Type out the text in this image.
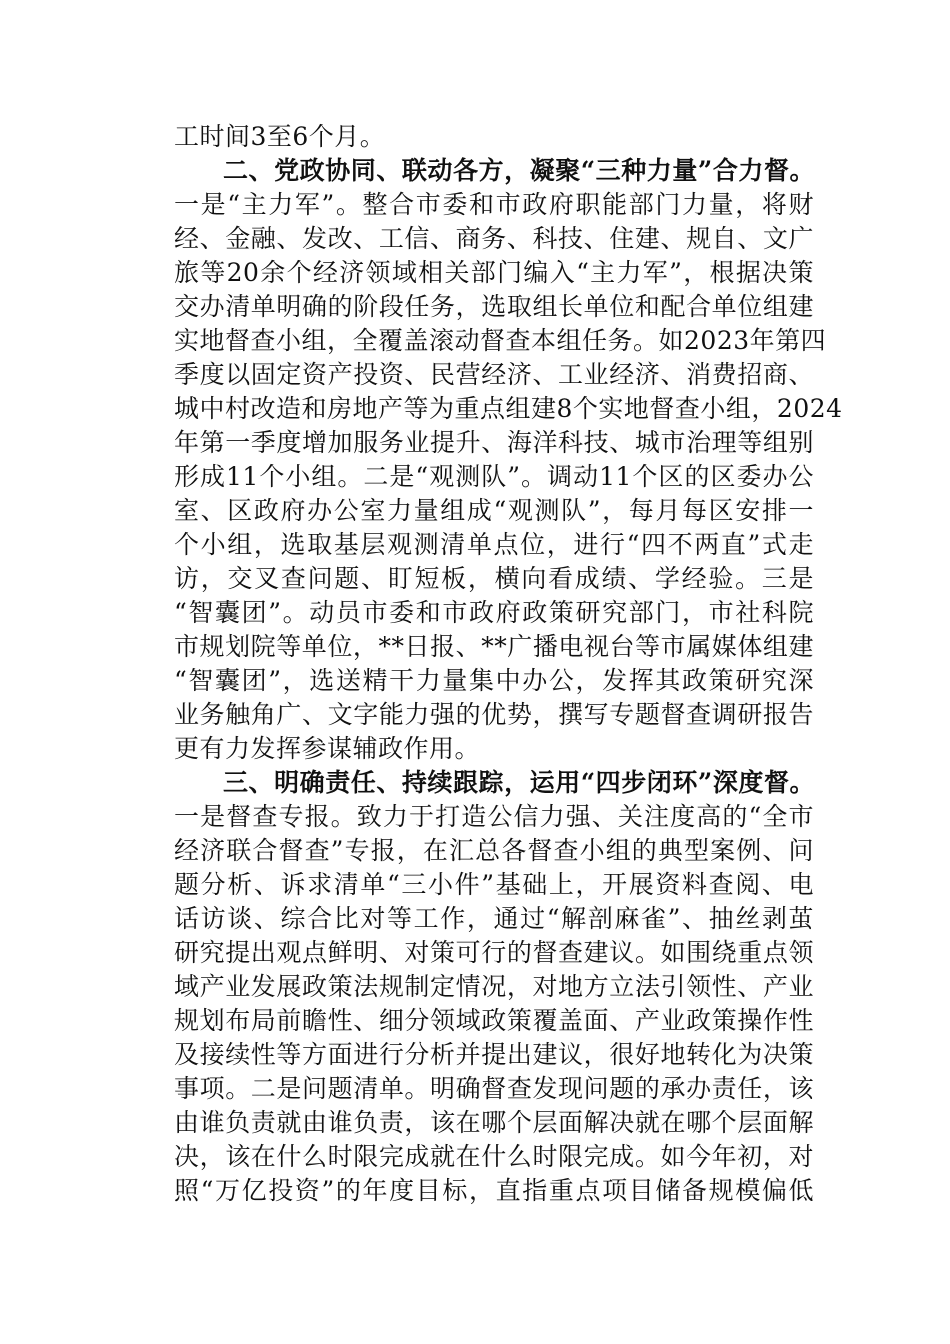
工时间3至6个月。
二、党政协同、联动各方，凝聚“三种力量”合力督。
一是“主力军”。整合市委和市政府职能部门力量，将财
经、金融、发改、工信、商务、科技、住建、规自、文广
旅等20余个经济领域相关部门编入“主力军”，根据决策
交办清单明确的阶段任务，选取组长单位和配合单位组建
实地督查小组，全覆盖滚动督查本组任务。如2023年第四
季度以固定资产投资、民营经济、工业经济、消费招商、
城中村改造和房地产等为重点组建8个实地督查小组，2024
年第一季度增加服务业提升、海洋科技、城市治理等组别
形成11个小组。二是“观测队”。调动11个区的区委办公
室、区政府办公室力量组成“观测队”，每月每区安排一
个小组，选取基层观测清单点位，进行“四不两直”式走
访，交叉查问题、盯短板，横向看成绩、学经验。三是
“智囊团”。动员市委和市政府政策研究部门，市社科院
市规划院等单位，**日报、**广播电视台等市属媒体组建
“智囊团”，选送精干力量集中办公，发挥其政策研究深
业务触角广、文字能力强的优势，撰写专题督查调研报告
更有力发挥参谋辅政作用。
三、明确责任、持续跟踪，运用“四步闭环”深度督。
一是督查专报。致力于打造公信力强、关注度高的“全市
经济联合督查”专报，在汇总各督查小组的典型案例、问
题分析、诉求清单“三小件”基础上，开展资料查阅、电
话访谈、综合比对等工作，通过“解剖麻雀”、抽丝剥茧
研究提出观点鲜明、对策可行的督查建议。如围绕重点领
域产业发展政策法规制定情况，对地方立法引领性、产业
规划布局前瞻性、细分领域政策覆盖面、产业政策操作性
及接续性等方面进行分析并提出建议，很好地转化为决策
事项。二是问题清单。明确督查发现问题的承办责任，该
由谁负责就由谁负责，该在哪个层面解决就在哪个层面解
决，该在什么时限完成就在什么时限完成。如今年初，对
照“万亿投资”的年度目标，直指重点项目储备规模偏低
